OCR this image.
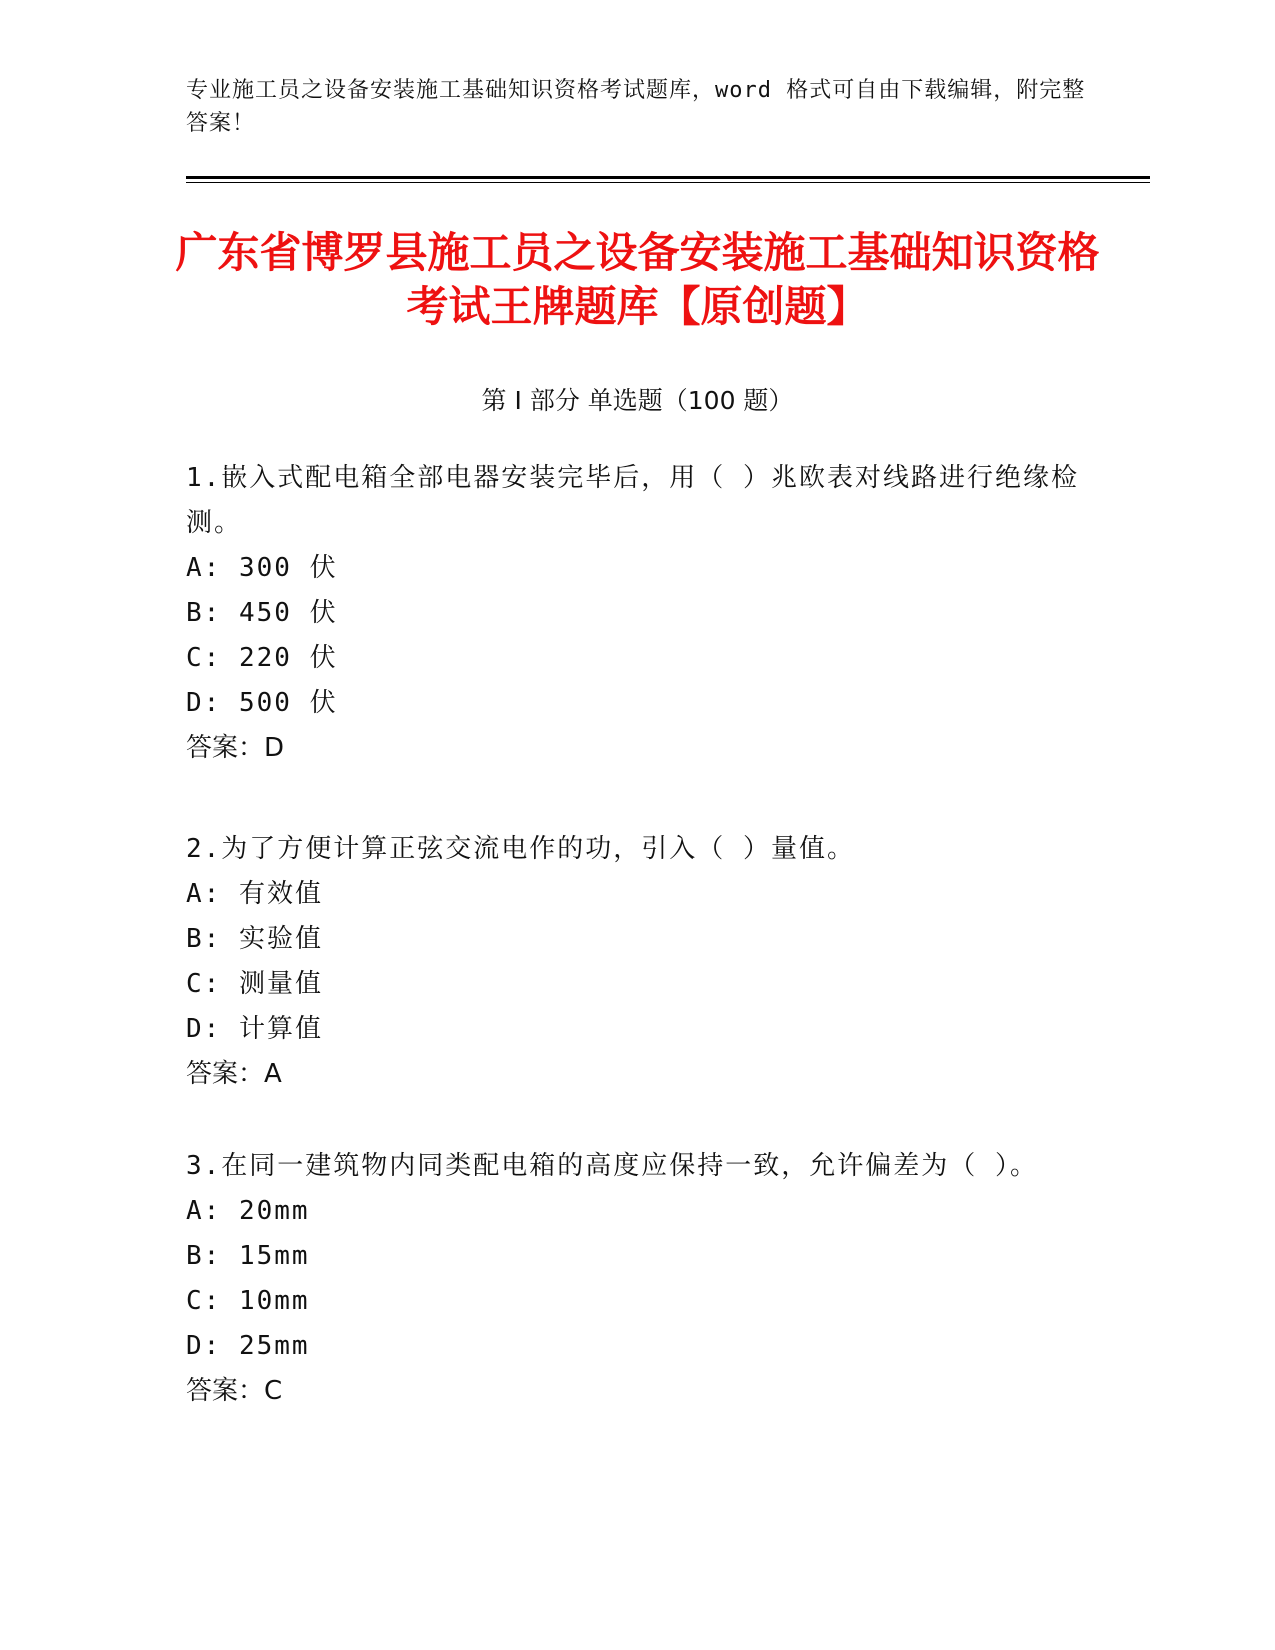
专业施工员之设备安装施工基础知识资格考试题库，word 格式可自由下载编辑，附完整答案！
广东省博罗县施工员之设备安装施工基础知识资格考试王牌题库【原创题】
第 I 部分 单选题（100 题）
1.嵌入式配电箱全部电器安装完毕后，用（ ）兆欧表对线路进行绝缘检测。
A: 300 伏
B: 450 伏
C: 220 伏
D: 500 伏
答案：D
2.为了方便计算正弦交流电作的功，引入（ ）量值。
A: 有效值
B: 实验值
C: 测量值
D: 计算值
答案：A
3.在同一建筑物内同类配电箱的高度应保持一致，允许偏差为（ ）。
A: 20mm
B: 15mm
C: 10mm
D: 25mm
答案：C
